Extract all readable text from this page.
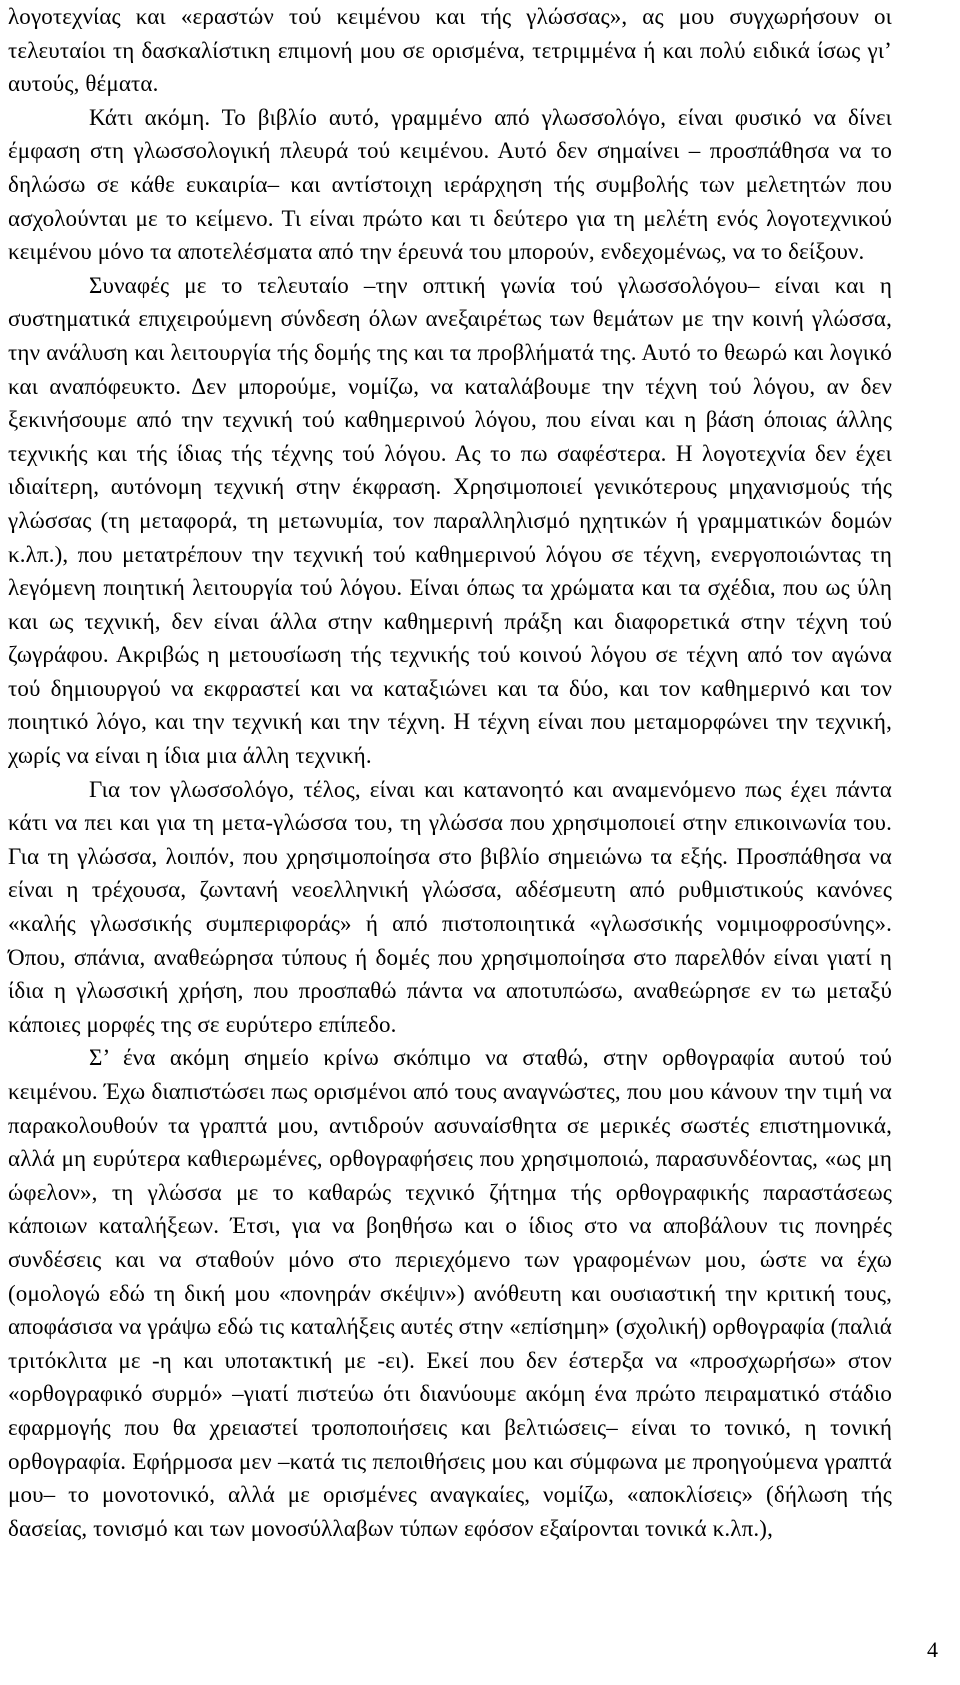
λογοτεχνίας και «εραστών τού κειμένου και τής γλώσσας», ας μου συγχωρήσουν οι τελευταίοι τη δασκαλίστικη επιμονή μου σε ορισμένα, τετριμμένα ή και πολύ ειδικά ίσως γι’ αυτούς, θέματα.

Κάτι ακόμη. Το βιβλίο αυτό, γραμμένο από γλωσσολόγο, είναι φυσικό να δίνει έμφαση στη γλωσσολογική πλευρά τού κειμένου. Αυτό δεν σημαίνει – προσπάθησα να το δηλώσω σε κάθε ευκαιρία– και αντίστοιχη ιεράρχηση τής συμβολής των μελετητών που ασχολούνται με το κείμενο. Τι είναι πρώτο και τι δεύτερο για τη μελέτη ενός λογοτεχνικού κειμένου μόνο τα αποτελέσματα από την έρευνά του μπορούν, ενδεχομένως, να το δείξουν.

Συναφές με το τελευταίο –την οπτική γωνία τού γλωσσολόγου– είναι και η συστηματικά επιχειρούμενη σύνδεση όλων ανεξαιρέτως των θεμάτων με την κοινή γλώσσα, την ανάλυση και λειτουργία τής δομής της και τα προβλήματά της. Αυτό το θεωρώ και λογικό και αναπόφευκτο. Δεν μπορούμε, νομίζω, να καταλάβουμε την τέχνη τού λόγου, αν δεν ξεκινήσουμε από την τεχνική τού καθημερινού λόγου, που είναι και η βάση όποιας άλλης τεχνικής και τής ίδιας τής τέχνης τού λόγου. Ας το πω σαφέστερα. Η λογοτεχνία δεν έχει ιδιαίτερη, αυτόνομη τεχνική στην έκφραση. Χρησιμοποιεί γενικότερους μηχανισμούς τής γλώσσας (τη μεταφορά, τη μετωνυμία, τον παραλληλισμό ηχητικών ή γραμματικών δομών κ.λπ.), που μετατρέπουν την τεχνική τού καθημερινού λόγου σε τέχνη, ενεργοποιώντας τη λεγόμενη ποιητική λειτουργία τού λόγου. Είναι όπως τα χρώματα και τα σχέδια, που ως ύλη και ως τεχνική, δεν είναι άλλα στην καθημερινή πράξη και διαφορετικά στην τέχνη τού ζωγράφου. Ακριβώς η μετουσίωση τής τεχνικής τού κοινού λόγου σε τέχνη από τον αγώνα τού δημιουργού να εκφραστεί και να καταξιώνει και τα δύο, και τον καθημερινό και τον ποιητικό λόγο, και την τεχνική και την τέχνη. Η τέχνη είναι που μεταμορφώνει την τεχνική, χωρίς να είναι η ίδια μια άλλη τεχνική.

Για τον γλωσσολόγο, τέλος, είναι και κατανοητό και αναμενόμενο πως έχει πάντα κάτι να πει και για τη μετα-γλώσσα του, τη γλώσσα που χρησιμοποιεί στην επικοινωνία του. Για τη γλώσσα, λοιπόν, που χρησιμοποίησα στο βιβλίο σημειώνω τα εξής. Προσπάθησα να είναι η τρέχουσα, ζωντανή νεοελληνική γλώσσα, αδέσμευτη από ρυθμιστικούς κανόνες «καλής γλωσσικής συμπεριφοράς» ή από πιστοποιητικά «γλωσσικής νομιμοφροσύνης». Όπου, σπάνια, αναθεώρησα τύπους ή δομές που χρησιμοποίησα στο παρελθόν είναι γιατί η ίδια η γλωσσική χρήση, που προσπαθώ πάντα να αποτυπώσω, αναθεώρησε εν τω μεταξύ κάποιες μορφές της σε ευρύτερο επίπεδο.

Σ’ ένα ακόμη σημείο κρίνω σκόπιμο να σταθώ, στην ορθογραφία αυτού τού κειμένου. Έχω διαπιστώσει πως ορισμένοι από τους αναγνώστες, που μου κάνουν την τιμή να παρακολουθούν τα γραπτά μου, αντιδρούν ασυναίσθητα σε μερικές σωστές επιστημονικά, αλλά μη ευρύτερα καθιερωμένες, ορθογραφήσεις που χρησιμοποιώ, παρασυνδέοντας, «ως μη ώφελον», τη γλώσσα με το καθαρώς τεχνικό ζήτημα τής ορθογραφικής παραστάσεως κάποιων καταλήξεων. Έτσι, για να βοηθήσω και ο ίδιος στο να αποβάλουν τις πονηρές συνδέσεις και να σταθούν μόνο στο περιεχόμενο των γραφομένων μου, ώστε να έχω (ομολογώ εδώ τη δική μου «πονηράν σκέψιν») ανόθευτη και ουσιαστική την κριτική τους, αποφάσισα να γράψω εδώ τις καταλήξεις αυτές στην «επίσημη» (σχολική) ορθογραφία (παλιά τριτόκλιτα με -η και υποτακτική με -ει). Εκεί που δεν έστερξα να «προσχωρήσω» στον «ορθογραφικό συρμό» –γιατί πιστεύω ότι διανύουμε ακόμη ένα πρώτο πειραματικό στάδιο εφαρμογής που θα χρειαστεί τροποποιήσεις και βελτιώσεις– είναι το τονικό, η τονική ορθογραφία. Εφήρμοσα μεν –κατά τις πεποιθήσεις μου και σύμφωνα με προηγούμενα γραπτά μου– το μονοτονικό, αλλά με ορισμένες αναγκαίες, νομίζω, «αποκλίσεις» (δήλωση τής δασείας, τονισμό και των μονοσύλλαβων τύπων εφόσον εξαίρονται τονικά κ.λπ.),

4
